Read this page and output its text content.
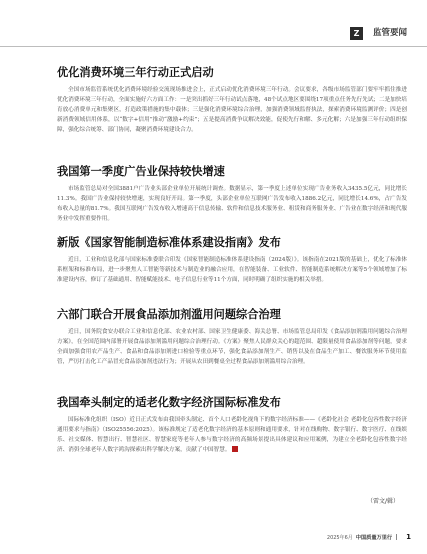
Z	监管要闻
优化消费环境三年行动正式启动

全国市场监管系统优化消费环境经验交流现场推进会上，正式启动优化消费环境三年行动。会议要求，各级市场监管部门要牢牢抓住推进优化消费环境三年行动，全面实施好六方面工作：一是突出抓好三年行动试点落地，48个试点地区要围绕17项重点任务先行先试；二是加快培育放心消费单元和集聚区，打造政策措施的集中载体；三是强化消费环境综合治理，加强消费领域监督执法，探索消费环境监测评价；四是创新消费领域信用体系，以“数字+信用”推动“激励+约束”；五是提高消费争议解决效能，促使先行和解、多元化解；六是加强三年行动组织保障，强化综合统筹、部门协同，凝聚消费环境建设合力。

我国第一季度广告业保持较快增速

市场监管总局对全国3881户广告业头部企业单位开展统计调查。数据显示，第一季度上述单位实现广告业务收入3435.5亿元，同比增长11.3%。我国广告业保持较快增速，实现良好开局。第一季度，头部企业单位互联网广告发布收入1886.2亿元，同比增长14.6%，占广告发布收入总量的81.7%。我国互联网广告发布收入增速高于信息传输、软件和信息技术服务业、租赁和商务服务业、广告业在数字经济和现代服务业中发挥重要作用。

新版《国家智能制造标准体系建设指南》发布

近日，工业和信息化部与国家标准委联合印发《国家智能制造标准体系建设指南（2024版）》。该指南在2021版的基础上，优化了标准体系框架和标准布局，进一步聚焦人工智能等新技术与制造业的融合应用，在智能装备、工业软件、智能制造系统解决方案等5个领域增加了标准建设内容，修订了基础通用、智能赋能技术、电子信息行业等11个方面，同时明确了组织实施的相关举措。

六部门联合开展食品添加剂滥用问题综合治理

近日，国务院食安办联合工业和信息化部、农业农村部、国家卫生健康委、海关总署、市场监管总局印发《食品添加剂滥用问题综合治理方案》，在全国范围内部署开展食品添加剂滥用问题综合治理行动。《方案》聚焦人民群众关心的超范围、超限量使用食品添加剂等问题，要求全面加强食用农产品生产、食品和食品添加剂进口检验等重点环节，强化食品添加剂生产、销售以及在食品生产加工、餐饮服务环节使用监管，严厉打击化工产品冒充食品添加剂违法行为；开展从农田到餐桌全过程食品添加剂滥用综合治理。

我国牵头制定的适老化数字经济国际标准发布

国际标准化组织（ISO）近日正式发布由我国牵头制定、首个人口老龄化视角下的数字经济标准——《老龄化社会 老龄化包容性数字经济通用要求与指南》（ISO25556:2025）。该标准规定了适老化数字经济的基本原则和通用要求，针对在线购物、数字银行、数字医疗、在线娱乐、社交媒体、智慧出行、智慧社区、智慧家庭等老年人参与数字经济的高频场景提出具体建议和应用案例，为建立全老龄化包容性数字经济、消弭全球老年人数字鸿沟探索出科学解决方案，贡献了中国智慧。

（雷文/辑）
2025年6月 中国质量万里行 1
